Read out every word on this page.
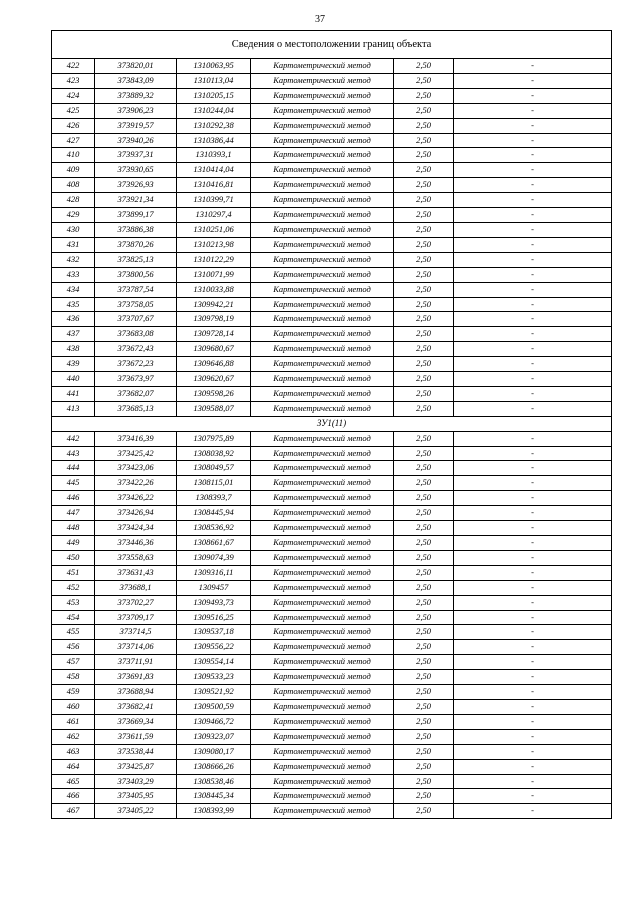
37
Сведения о местоположении границ объекта					
422	373820,01	1310063,95	Картометрический метод	2,50	-
423	373843,09	1310113,04	Картометрический метод	2,50	-
424	373889,32	1310205,15	Картометрический метод	2,50	-
425	373906,23	1310244,04	Картометрический метод	2,50	-
426	373919,57	1310292,38	Картометрический метод	2,50	-
427	373940,26	1310386,44	Картометрический метод	2,50	-
410	373937,31	1310393,1	Картометрический метод	2,50	-
409	373930,65	1310414,04	Картометрический метод	2,50	-
408	373926,93	1310416,81	Картометрический метод	2,50	-
428	373921,34	1310399,71	Картометрический метод	2,50	-
429	373899,17	1310297,4	Картометрический метод	2,50	-
430	373886,38	1310251,06	Картометрический метод	2,50	-
431	373870,26	1310213,98	Картометрический метод	2,50	-
432	373825,13	1310122,29	Картометрический метод	2,50	-
433	373800,56	1310071,99	Картометрический метод	2,50	-
434	373787,54	1310033,88	Картометрический метод	2,50	-
435	373758,05	1309942,21	Картометрический метод	2,50	-
436	373707,67	1309798,19	Картометрический метод	2,50	-
437	373683,08	1309728,14	Картометрический метод	2,50	-
438	373672,43	1309680,67	Картометрический метод	2,50	-
439	373672,23	1309646,88	Картометрический метод	2,50	-
440	373673,97	1309620,67	Картометрический метод	2,50	-
441	373682,07	1309598,26	Картометрический метод	2,50	-
413	373685,13	1309588,07	Картометрический метод	2,50	-
ЗУ1(11)					
442	373416,39	1307975,89	Картометрический метод	2,50	-
443	373425,42	1308038,92	Картометрический метод	2,50	-
444	373423,06	1308049,57	Картометрический метод	2,50	-
445	373422,26	1308115,01	Картометрический метод	2,50	-
446	373426,22	1308393,7	Картометрический метод	2,50	-
447	373426,94	1308445,94	Картометрический метод	2,50	-
448	373424,34	1308536,92	Картометрический метод	2,50	-
449	373446,36	1308661,67	Картометрический метод	2,50	-
450	373558,63	1309074,39	Картометрический метод	2,50	-
451	373631,43	1309316,11	Картометрический метод	2,50	-
452	373688,1	1309457	Картометрический метод	2,50	-
453	373702,27	1309493,73	Картометрический метод	2,50	-
454	373709,17	1309516,25	Картометрический метод	2,50	-
455	373714,5	1309537,18	Картометрический метод	2,50	-
456	373714,06	1309556,22	Картометрический метод	2,50	-
457	373711,91	1309554,14	Картометрический метод	2,50	-
458	373691,83	1309533,23	Картометрический метод	2,50	-
459	373688,94	1309521,92	Картометрический метод	2,50	-
460	373682,41	1309500,59	Картометрический метод	2,50	-
461	373669,34	1309466,72	Картометрический метод	2,50	-
462	373611,59	1309323,07	Картометрический метод	2,50	-
463	373538,44	1309080,17	Картометрический метод	2,50	-
464	373425,87	1308666,26	Картометрический метод	2,50	-
465	373403,29	1308538,46	Картометрический метод	2,50	-
466	373405,95	1308445,34	Картометрический метод	2,50	-
467	373405,22	1308393,99	Картометрический метод	2,50	-
